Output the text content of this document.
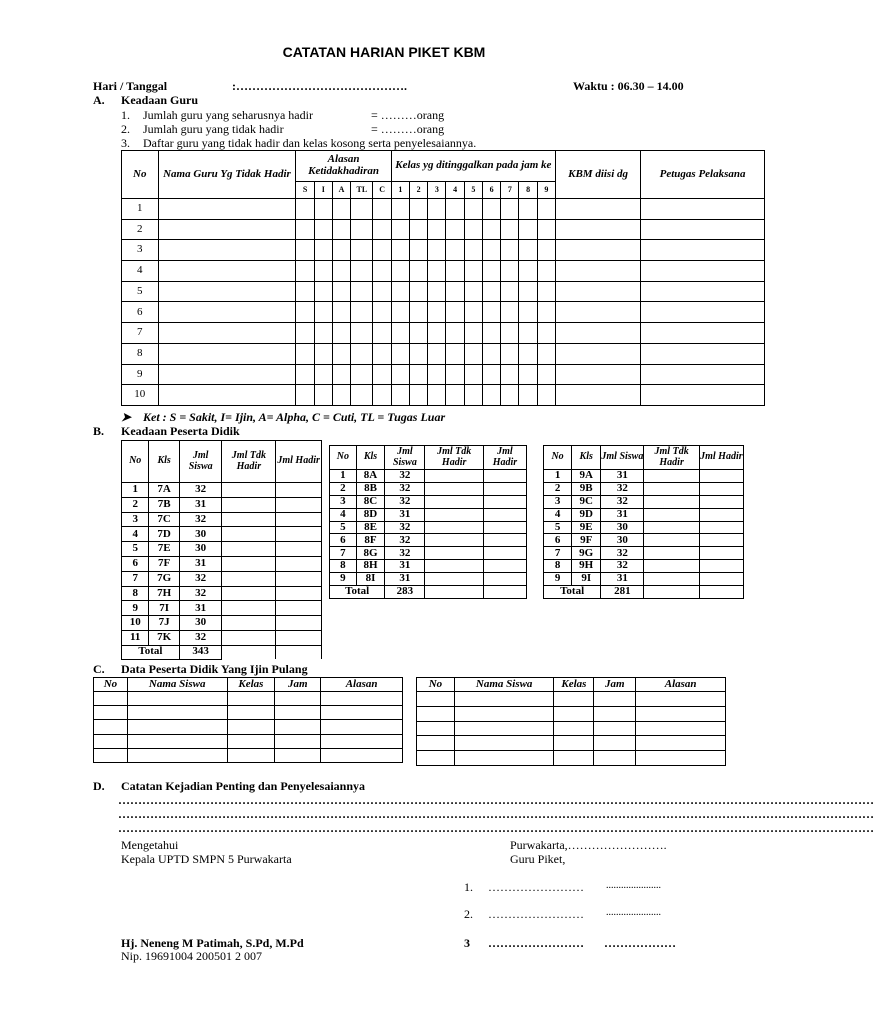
CATATAN HARIAN PIKET KBM
Hari / Tanggal	:…………………………………….	Waktu : 06.30 – 14.00
A. Keadaan Guru
1. Jumlah guru yang seharusnya hadir	= ………orang
2. Jumlah guru yang tidak hadir	= ………orang
3. Daftar guru yang tidak hadir dan kelas kosong serta penyelesaiannya.
No	Nama Guru Yg Tidak Hadir	Alasan Ketidakhadiran					Kelas yg ditinggalkan pada jam ke									KBM diisi dg	Petugas Pelaksana
		S	I	A	TL	C	1	2	3	4	5	6	7	8	9		
1																	
2																	
3																	
4																	
5																	
6																	
7																	
8																	
9																	
10																	
➤ Ket : S = Sakit, I= Ijin, A= Alpha, C = Cuti, TL = Tugas Luar
B. Keadaan Peserta Didik
No	Kls	Jml Siswa	Jml Tdk Hadir	Jml Hadir
1	7A	32		
2	7B	31		
3	7C	32		
4	7D	30		
5	7E	30		
6	7F	31		
7	7G	32		
8	7H	32		
9	7I	31		
10	7J	30		
11	7K	32		
Total		343		
No	Kls	Jml Siswa	Jml Tdk Hadir	Jml Hadir
1	8A	32		
2	8B	32		
3	8C	32		
4	8D	31		
5	8E	32		
6	8F	32		
7	8G	32		
8	8H	31		
9	8I	31		
Total		283		
No	Kls	Jml Siswa	Jml Tdk Hadir	Jml Hadir
1	9A	31		
2	9B	32		
3	9C	32		
4	9D	31		
5	9E	30		
6	9F	30		
7	9G	32		
8	9H	32		
9	9I	31		
Total		281		
C. Data Peserta Didik Yang Ijin Pulang
No	Nama Siswa	Kelas	Jam	Alasan

					No	Nama Siswa	Kelas	Jam	Alasan

D. Catatan Kejadian Penting dan Penyelesaiannya
………………………………………………………………………………………………………………………………………………………………………
………………………………………………………………………………………………………………………………………………………………………
………………………………………………………………………………………………………………………………………………………………………
Mengetahui
Kepala UPTD SMPN 5 Purwakarta
Purwakarta,…………………….
Guru Piket,
1. …………………… ......................
2. …………………… ......................
3 …………………… ………………
Hj. Neneng M Patimah, S.Pd, M.Pd
Nip. 19691004 200501 2 007
